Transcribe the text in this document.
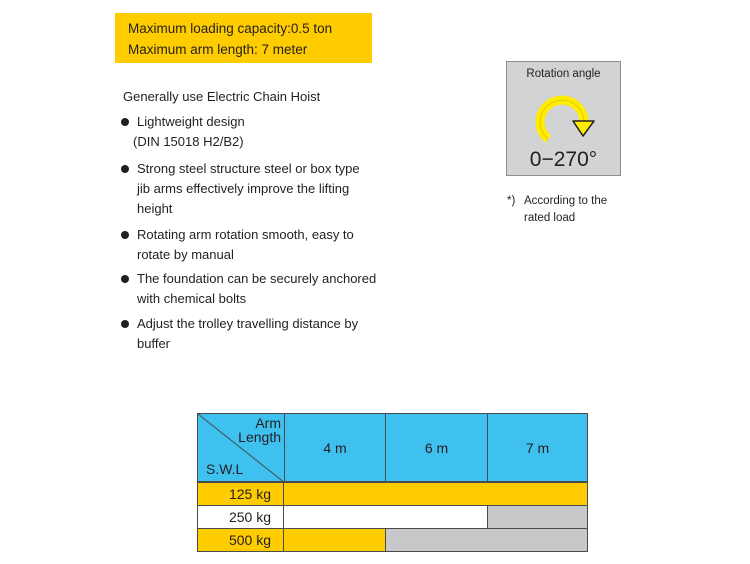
Maximum loading capacity:0.5 ton
Maximum arm length: 7 meter
Generally use Electric Chain Hoist
Lightweight design
(DIN 15018 H2/B2)
Strong steel structure steel or box type
jib arms effectively improve the lifting
height
Rotating arm rotation smooth, easy to
rotate by manual
The foundation can be securely anchored
with chemical bolts
Adjust the trolley travelling distance by
buffer
Rotation angle
0−270°
*) According to the
rated load
Arm
Length
S.W.L
4 m	6 m	7 m
125 kg
250 kg
500 kg
